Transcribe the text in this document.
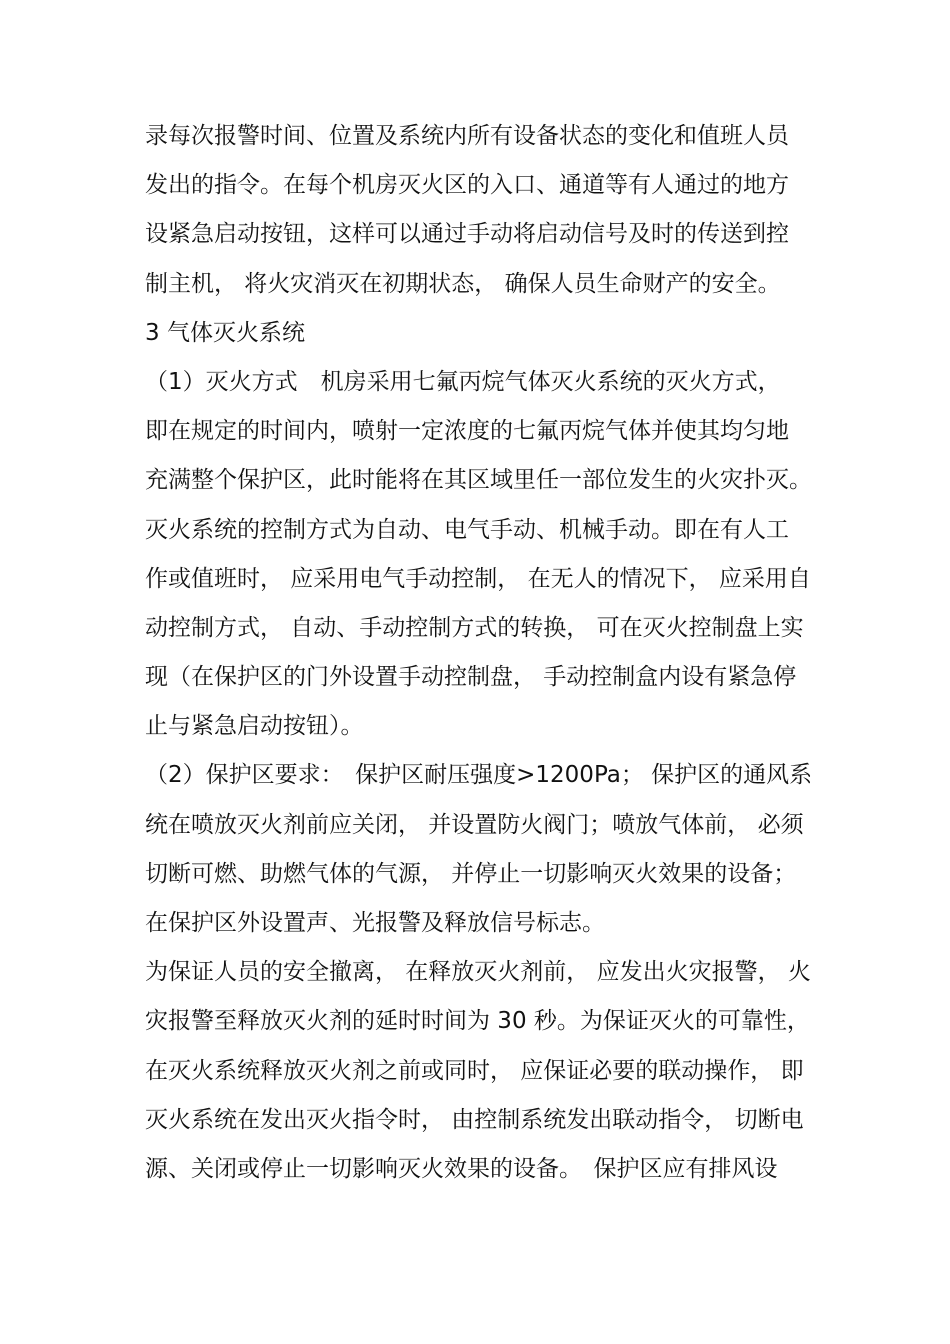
录每次报警时间、位置及系统内所有设备状态的变化和值班人员
发出的指令。在每个机房灭火区的入口、通道等有人通过的地方
设紧急启动按钮，这样可以通过手动将启动信号及时的传送到控
制主机， 将火灾消灭在初期状态， 确保人员生命财产的安全。
3 气体灭火系统
（1）灭火方式　机房采用七氟丙烷气体灭火系统的灭火方式，
即在规定的时间内，喷射一定浓度的七氟丙烷气体并使其均匀地
充满整个保护区，此时能将在其区域里任一部位发生的火灾扑灭。
灭火系统的控制方式为自动、电气手动、机械手动。即在有人工
作或值班时， 应采用电气手动控制， 在无人的情况下， 应采用自
动控制方式， 自动、手动控制方式的转换， 可在灭火控制盘上实
现（在保护区的门外设置手动控制盘， 手动控制盒内设有紧急停
止与紧急启动按钮）。
（2）保护区要求：　保护区耐压强度>1200Pa； 保护区的通风系
统在喷放灭火剂前应关闭， 并设置防火阀门；喷放气体前， 必须
切断可燃、助燃气体的气源， 并停止一切影响灭火效果的设备；
在保护区外设置声、光报警及释放信号标志。
为保证人员的安全撤离， 在释放灭火剂前， 应发出火灾报警， 火
灾报警至释放灭火剂的延时时间为 30 秒。为保证灭火的可靠性，
在灭火系统释放灭火剂之前或同时， 应保证必要的联动操作， 即
灭火系统在发出灭火指令时， 由控制系统发出联动指令， 切断电
源、关闭或停止一切影响灭火效果的设备。　保护区应有排风设
